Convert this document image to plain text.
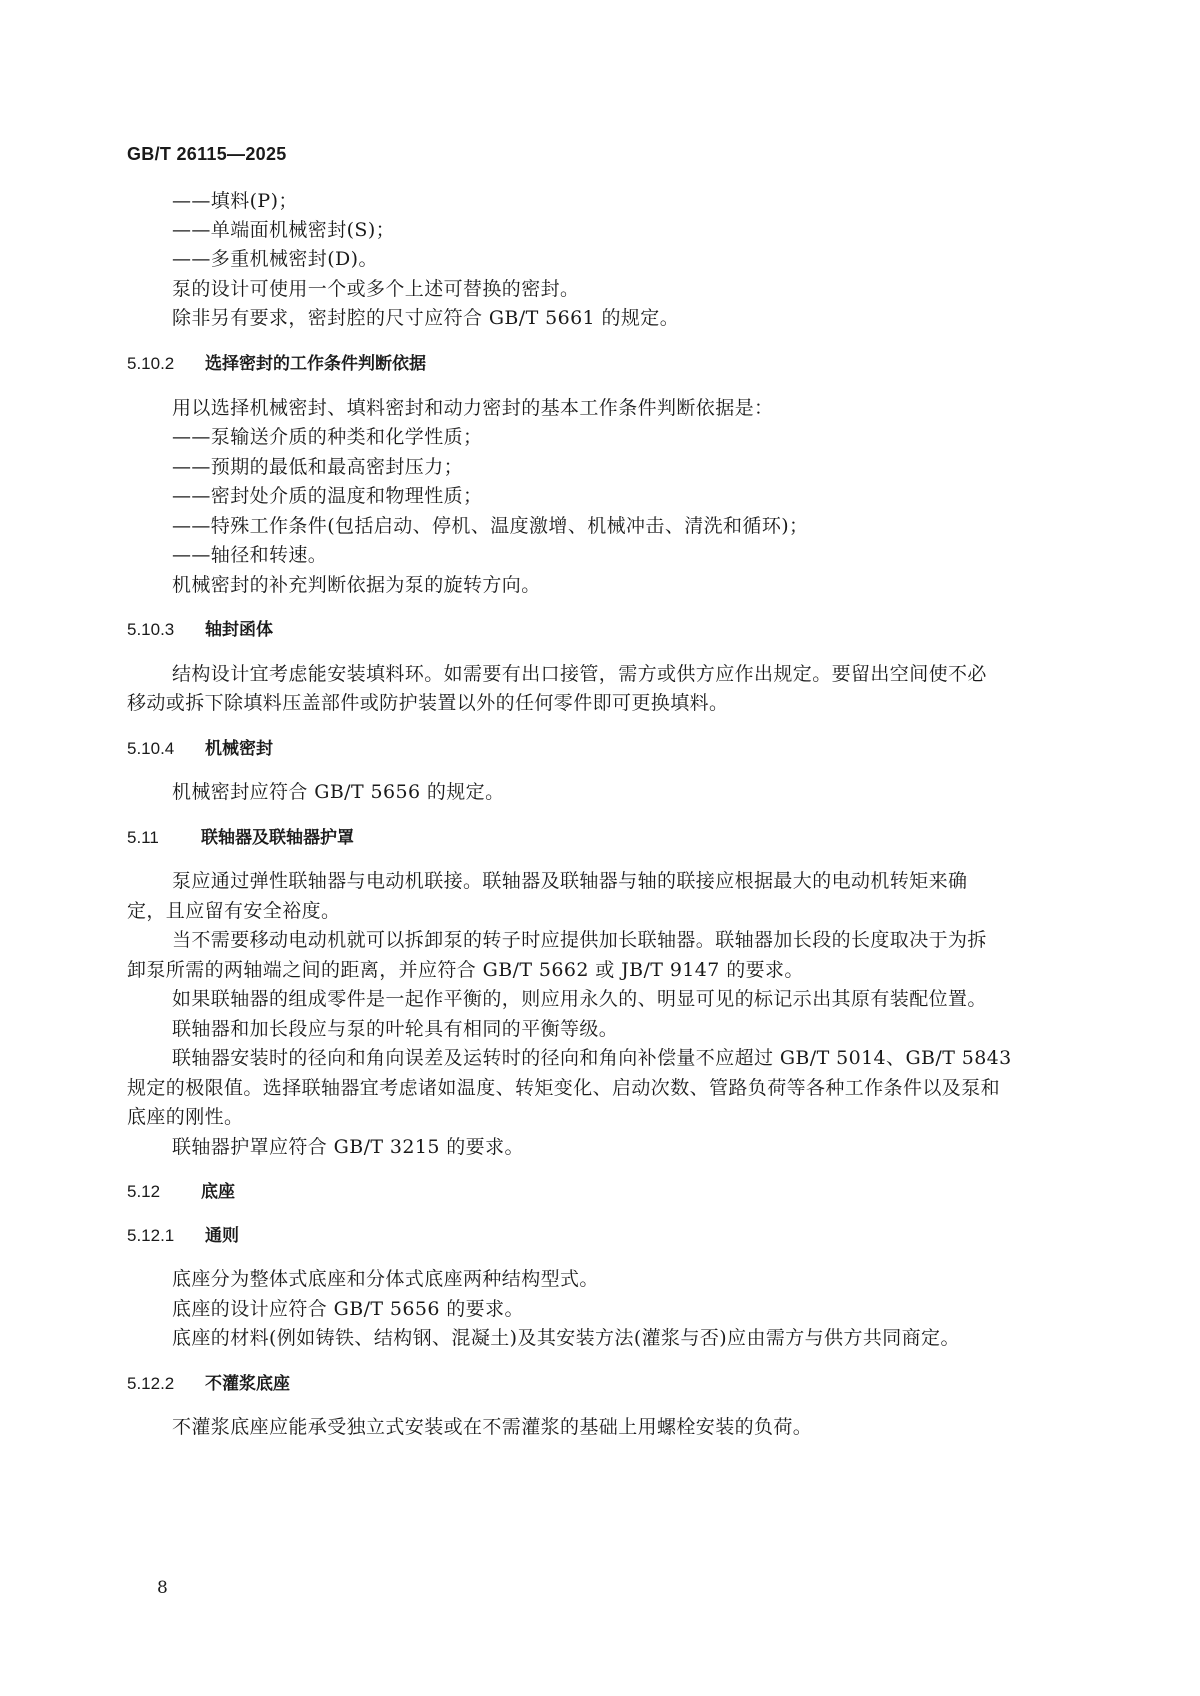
GB/T 26115—2025
——填料(P)；
——单端面机械密封(S)；
——多重机械密封(D)。
泵的设计可使用一个或多个上述可替换的密封。
除非另有要求，密封腔的尺寸应符合 GB/T 5661 的规定。
5.10.2 选择密封的工作条件判断依据
用以选择机械密封、填料密封和动力密封的基本工作条件判断依据是：
——泵输送介质的种类和化学性质；
——预期的最低和最高密封压力；
——密封处介质的温度和物理性质；
——特殊工作条件(包括启动、停机、温度激增、机械冲击、清洗和循环)；
——轴径和转速。
机械密封的补充判断依据为泵的旋转方向。
5.10.3 轴封函体
结构设计宜考虑能安装填料环。如需要有出口接管，需方或供方应作出规定。要留出空间使不必
移动或拆下除填料压盖部件或防护装置以外的任何零件即可更换填料。
5.10.4 机械密封
机械密封应符合 GB/T 5656 的规定。
5.11 联轴器及联轴器护罩
泵应通过弹性联轴器与电动机联接。联轴器及联轴器与轴的联接应根据最大的电动机转矩来确
定，且应留有安全裕度。
当不需要移动电动机就可以拆卸泵的转子时应提供加长联轴器。联轴器加长段的长度取决于为拆
卸泵所需的两轴端之间的距离，并应符合 GB/T 5662 或 JB/T 9147 的要求。
如果联轴器的组成零件是一起作平衡的，则应用永久的、明显可见的标记示出其原有装配位置。
联轴器和加长段应与泵的叶轮具有相同的平衡等级。
联轴器安装时的径向和角向误差及运转时的径向和角向补偿量不应超过 GB/T 5014、GB/T 5843
规定的极限值。选择联轴器宜考虑诸如温度、转矩变化、启动次数、管路负荷等各种工作条件以及泵和
底座的刚性。
联轴器护罩应符合 GB/T 3215 的要求。
5.12 底座
5.12.1 通则
底座分为整体式底座和分体式底座两种结构型式。
底座的设计应符合 GB/T 5656 的要求。
底座的材料(例如铸铁、结构钢、混凝土)及其安装方法(灌浆与否)应由需方与供方共同商定。
5.12.2 不灌浆底座
不灌浆底座应能承受独立式安装或在不需灌浆的基础上用螺栓安装的负荷。
8
